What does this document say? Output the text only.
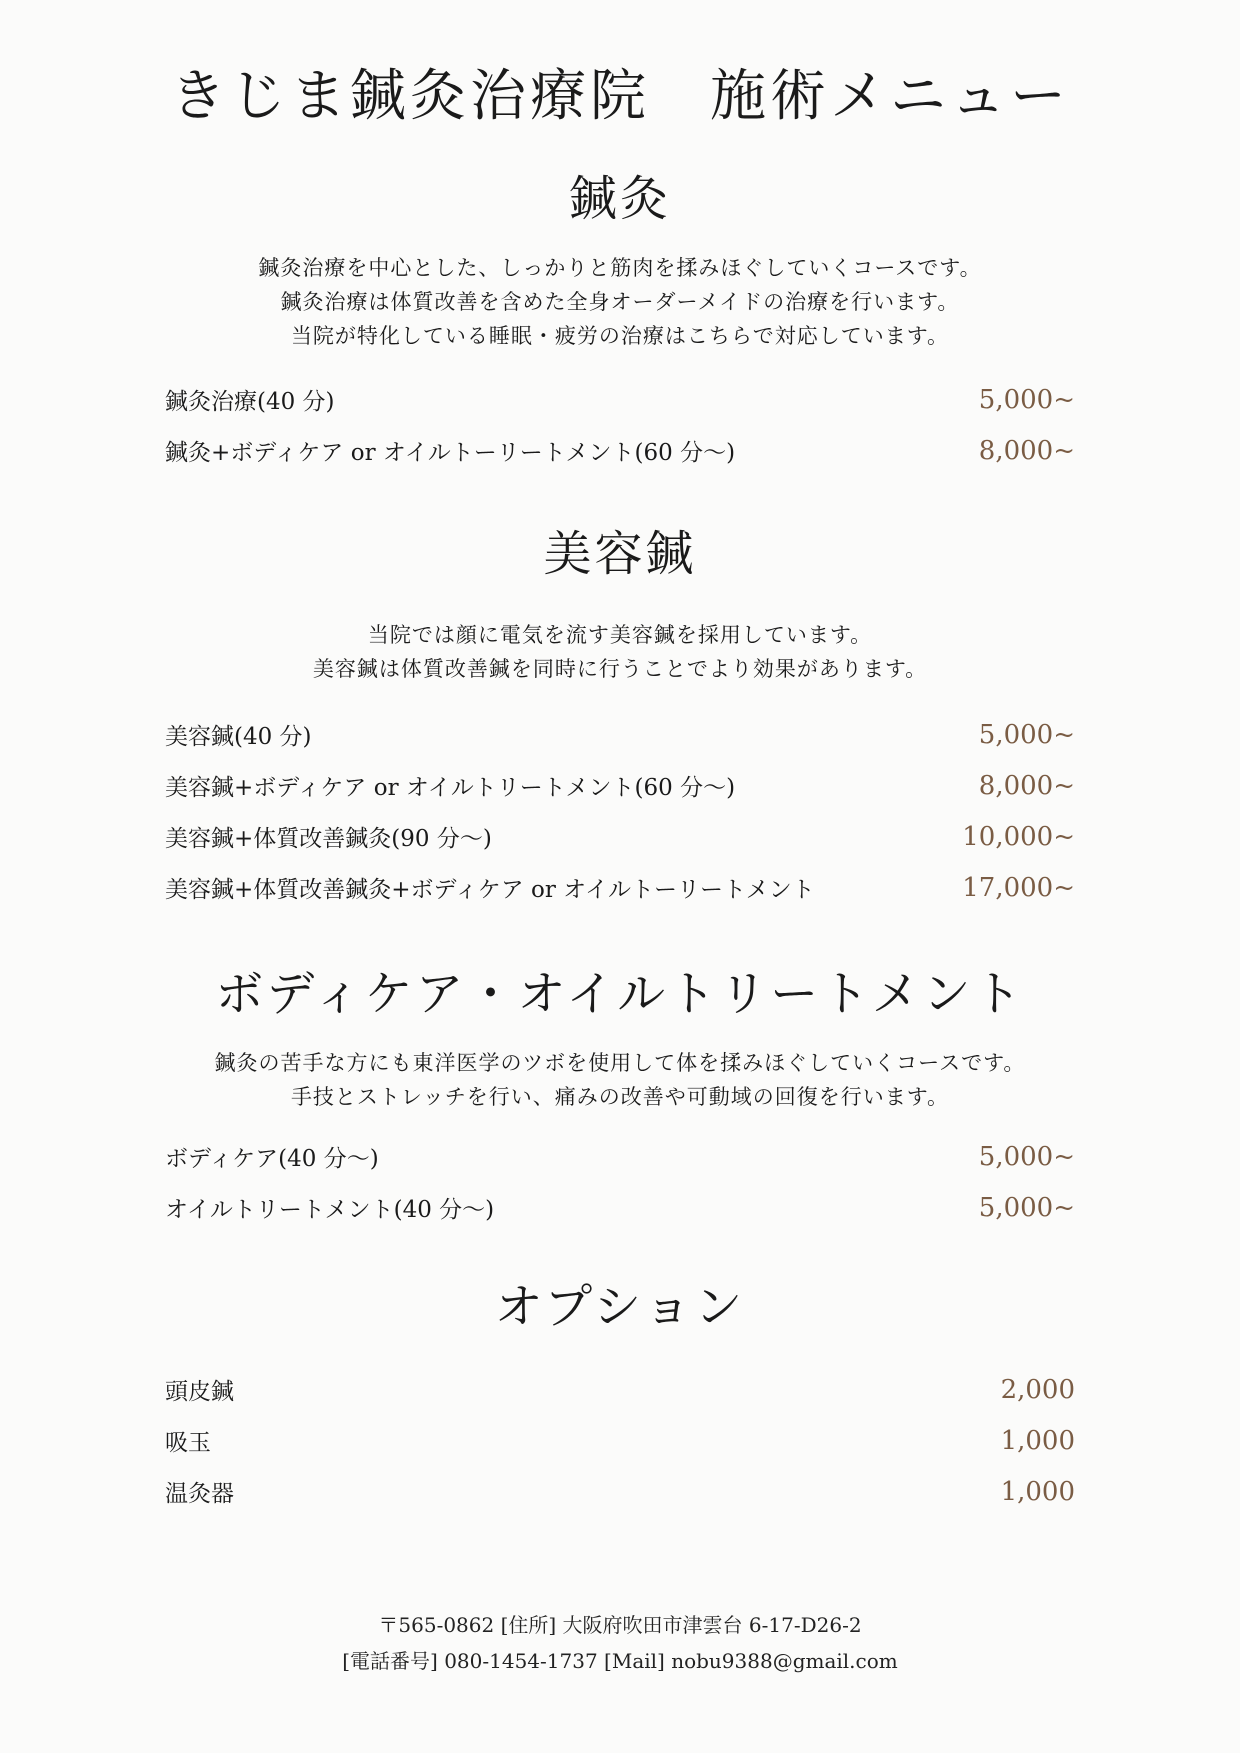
きじま鍼灸治療院　施術メニュー
鍼灸

鍼灸治療を中心とした、しっかりと筋肉を揉みほぐしていくコースです。

鍼灸治療は体質改善を含めた全身オーダーメイドの治療を行います。

当院が特化している睡眠・疲労の治療はこちらで対応しています。

鍼灸治療(40 分)	5,000~
鍼灸+ボディケア or オイルトーリートメント(60 分〜)	8,000~
美容鍼

当院では顔に電気を流す美容鍼を採用しています。

美容鍼は体質改善鍼を同時に行うことでより効果があります。

美容鍼(40 分)	5,000~
美容鍼+ボディケア or オイルトリートメント(60 分〜)	8,000~
美容鍼+体質改善鍼灸(90 分〜)	10,000~
美容鍼+体質改善鍼灸+ボディケア or オイルトーリートメント	17,000~
ボディケア・オイルトリートメント

鍼灸の苦手な方にも東洋医学のツボを使用して体を揉みほぐしていくコースです。

手技とストレッチを行い、痛みの改善や可動域の回復を行います。

ボディケア(40 分〜)	5,000~
オイルトリートメント(40 分〜)	5,000~
オプション
頭皮鍼	2,000
吸玉	1,000
温灸器	1,000

〒565-0862 [住所] 大阪府吹田市津雲台 6-17-D26-2

[電話番号] 080-1454-1737 [Mail] nobu9388@gmail.com
